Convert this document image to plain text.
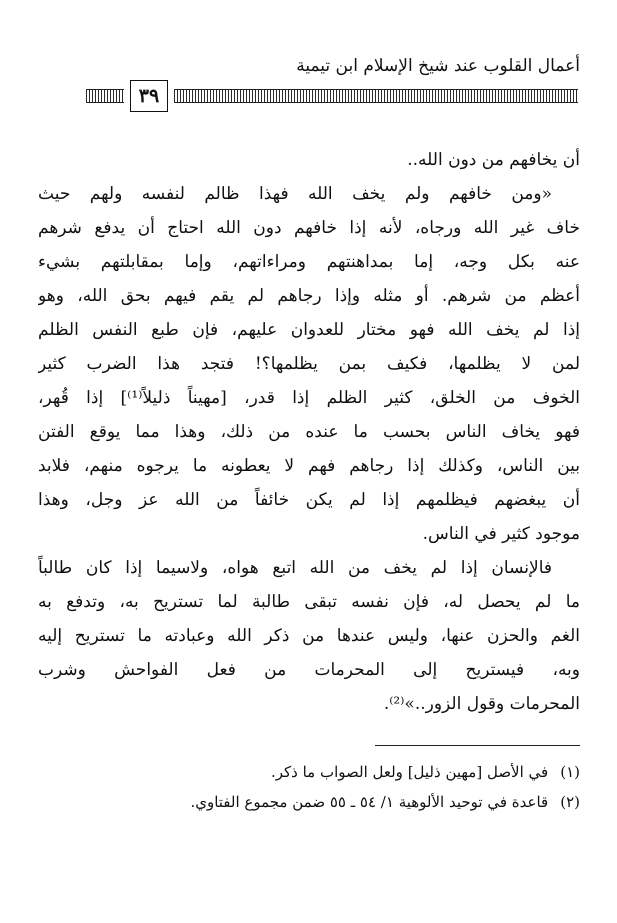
أعمال القلوب عند شيخ الإسلام ابن تيمية
٣٩
أن يخافهم من دون الله..
«ومن خافهم ولم يخف الله فهذا ظالم لنفسه ولهم حيث
خاف غير الله ورجاه، لأنه إذا خافهم دون الله احتاج أن يدفع شرهم
عنه بكل وجه، إما بمداهنتهم ومراءاتهم، وإما بمقابلتهم بشيء
أعظم من شرهم. أو مثله وإذا رجاهم لم يقم فيهم بحق الله، وهو
إذا لم يخف الله فهو مختار للعدوان عليهم، فإن طبع النفس الظلم
لمن لا يظلمها، فكيف بمن يظلمها؟! فتجد هذا الضرب كثير
الخوف من الخلق، كثير الظلم إذا قدر، [مهيناً ذليلاً⁽¹⁾] إذا قُهر،
فهو يخاف الناس بحسب ما عنده من ذلك، وهذا مما يوقع الفتن
بين الناس، وكذلك إذا رجاهم فهم لا يعطونه ما يرجوه منهم، فلابد
أن يبغضهم فيظلمهم إذا لم يكن خائفاً من الله عز وجل، وهذا
موجود كثير في الناس.
فالإنسان إذا لم يخف من الله اتبع هواه، ولاسيما إذا كان طالباً
ما لم يحصل له، فإن نفسه تبقى طالبة لما تستريح به، وتدفع به
الغم والحزن عنها، وليس عندها من ذكر الله وعبادته ما تستريح إليه
وبه، فيستريح إلى المحرمات من فعل الفواحش وشرب
المحرمات وقول الزور..»⁽²⁾.
(١)في الأصل [مهين ذليل] ولعل الصواب ما ذكر.
(٢)قاعدة في توحيد الألوهية ١/ ٥٤ ـ ٥٥ ضمن مجموع الفتاوي.
